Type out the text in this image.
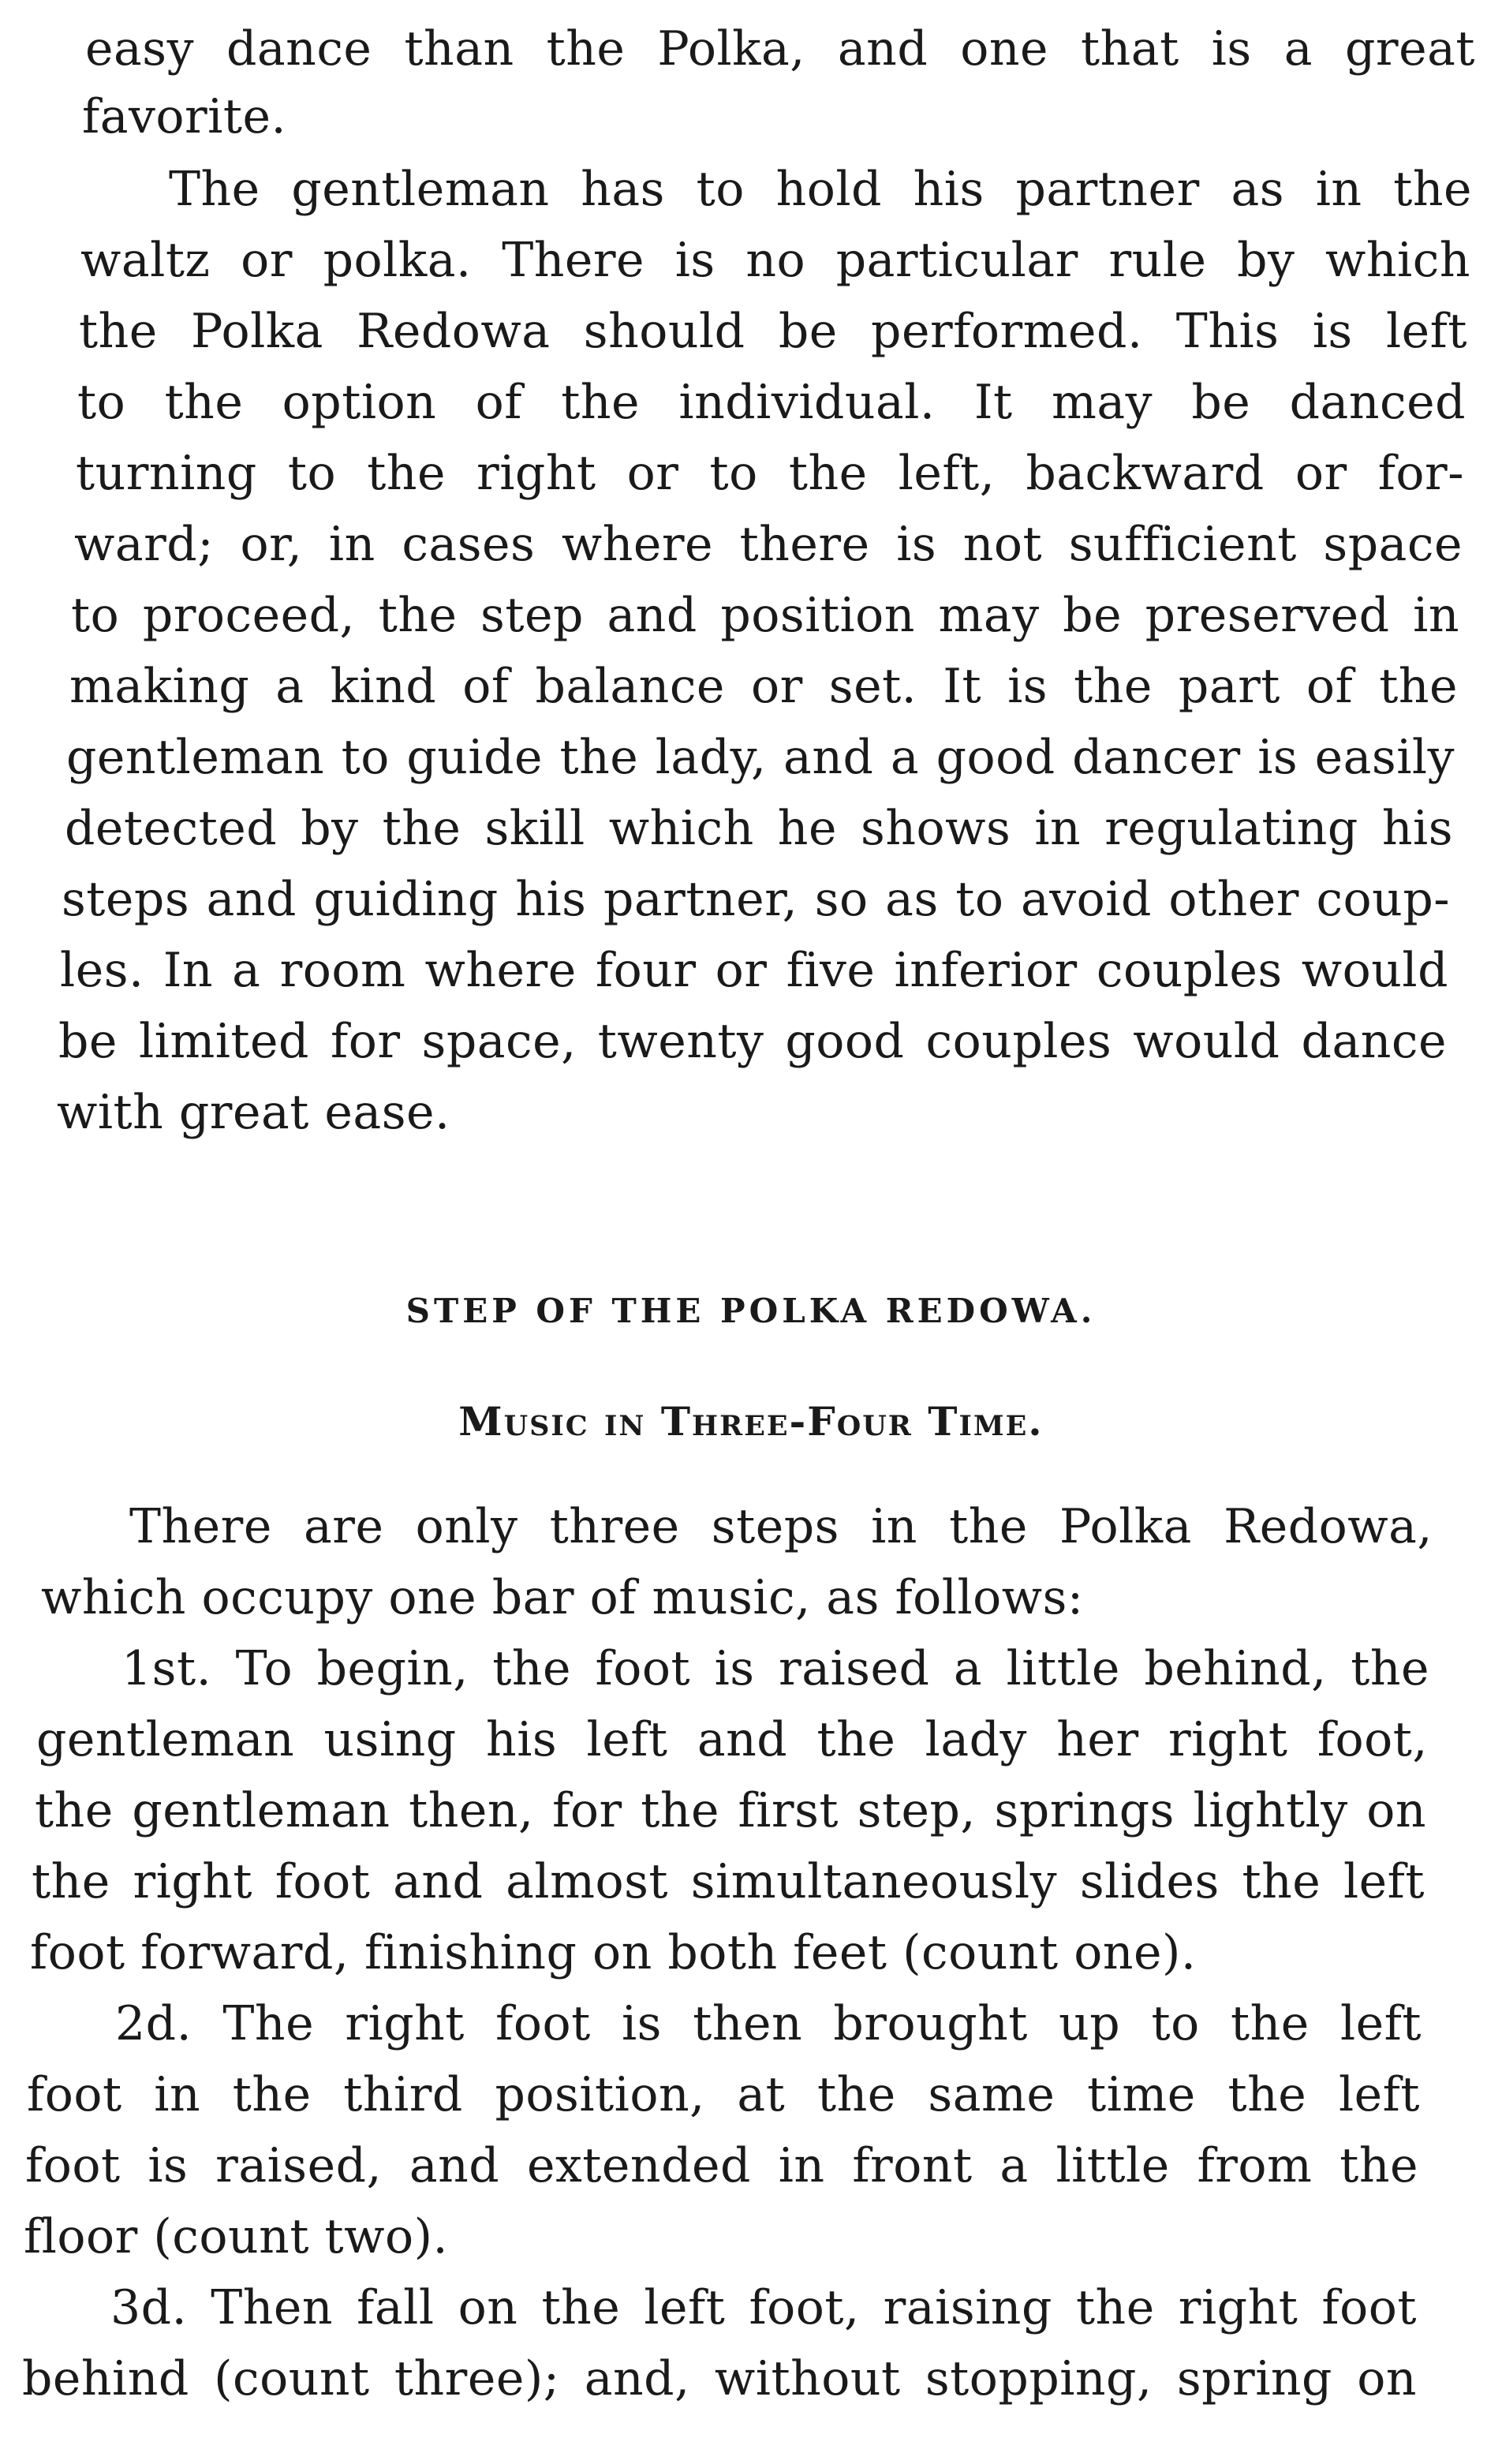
easy dance than the Polka, and one that is a great

favorite.

The gentleman has to hold his partner as in the

waltz or polka. There is no particular rule by which

the Polka Redowa should be performed. This is left

to the option of the individual. It may be danced

turning to the right or to the left, backward or for-

ward; or, in cases where there is not sufficient space

to proceed, the step and position may be preserved in

making a kind of balance or set. It is the part of the

gentleman to guide the lady, and a good dancer is easily

detected by the skill which he shows in regulating his

steps and guiding his partner, so as to avoid other coup-

les. In a room where four or five inferior couples would

be limited for space, twenty good couples would dance

with great ease.

STEP OF THE POLKA REDOWA.

Music in Three-Four Time.

There are only three steps in the Polka Redowa,

which occupy one bar of music, as follows:

1st. To begin, the foot is raised a little behind, the

gentleman using his left and the lady her right foot,

the gentleman then, for the first step, springs lightly on

the right foot and almost simultaneously slides the left

foot forward, finishing on both feet (count one).

2d. The right foot is then brought up to the left

foot in the third position, at the same time the left

foot is raised, and extended in front a little from the

floor (count two).

3d. Then fall on the left foot, raising the right foot

behind (count three); and, without stopping, spring on
